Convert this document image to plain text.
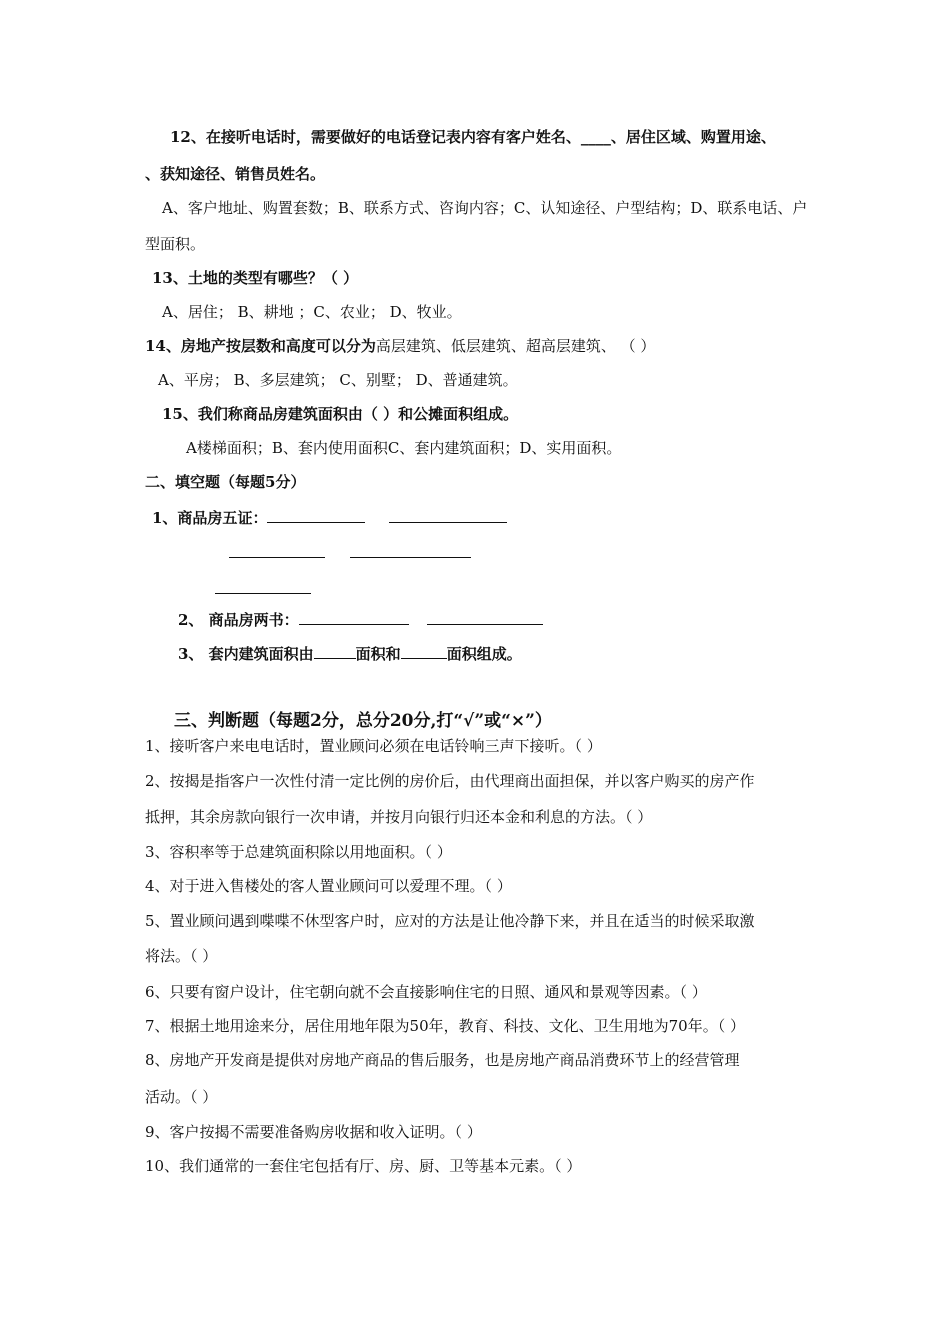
12、在接听电话时，需要做好的电话登记表内容有客户姓名、____、居住区域、购置用途、
、获知途径、销售员姓名。
A、客户地址、购置套数；B、联系方式、咨询内容；C、认知途径、户型结构；D、联系电话、户
型面积。
13、土地的类型有哪些？（ ）
A、居住； B、耕地 ；C、农业； D、牧业。
14、房地产按层数和高度可以分为高层建筑、低层建筑、超高层建筑、 （ ）
A、平房； B、多层建筑； C、别墅； D、普通建筑。
15、我们称商品房建筑面积由（ ）和公摊面积组成。
A楼梯面积；B、套内使用面积C、套内建筑面积；D、实用面积。
二、填空题（每题5分）
1、商品房五证：
2、 商品房两书：
3、 套内建筑面积由	面积和	面积组成。
三、判断题（每题2分，总分20分,打“√”或“×”）
1、接听客户来电电话时，置业顾问必须在电话铃响三声下接听。（ ）
2、按揭是指客户一次性付清一定比例的房价后，由代理商出面担保，并以客户购买的房产作
抵押，其余房款向银行一次申请，并按月向银行归还本金和利息的方法。（ ）
3、容积率等于总建筑面积除以用地面积。（ ）
4、对于进入售楼处的客人置业顾问可以爱理不理。（ ）
5、置业顾问遇到喋喋不休型客户时，应对的方法是让他冷静下来，并且在适当的时候采取激
将法。（ ）
6、只要有窗户设计，住宅朝向就不会直接影响住宅的日照、通风和景观等因素。（ ）
7、根据土地用途来分，居住用地年限为50年，教育、科技、文化、卫生用地为70年。（ ）
8、房地产开发商是提供对房地产商品的售后服务，也是房地产商品消费环节上的经营管理
活动。（ ）
9、客户按揭不需要准备购房收据和收入证明。（ ）
10、我们通常的一套住宅包括有厅、房、厨、卫等基本元素。（ ）
